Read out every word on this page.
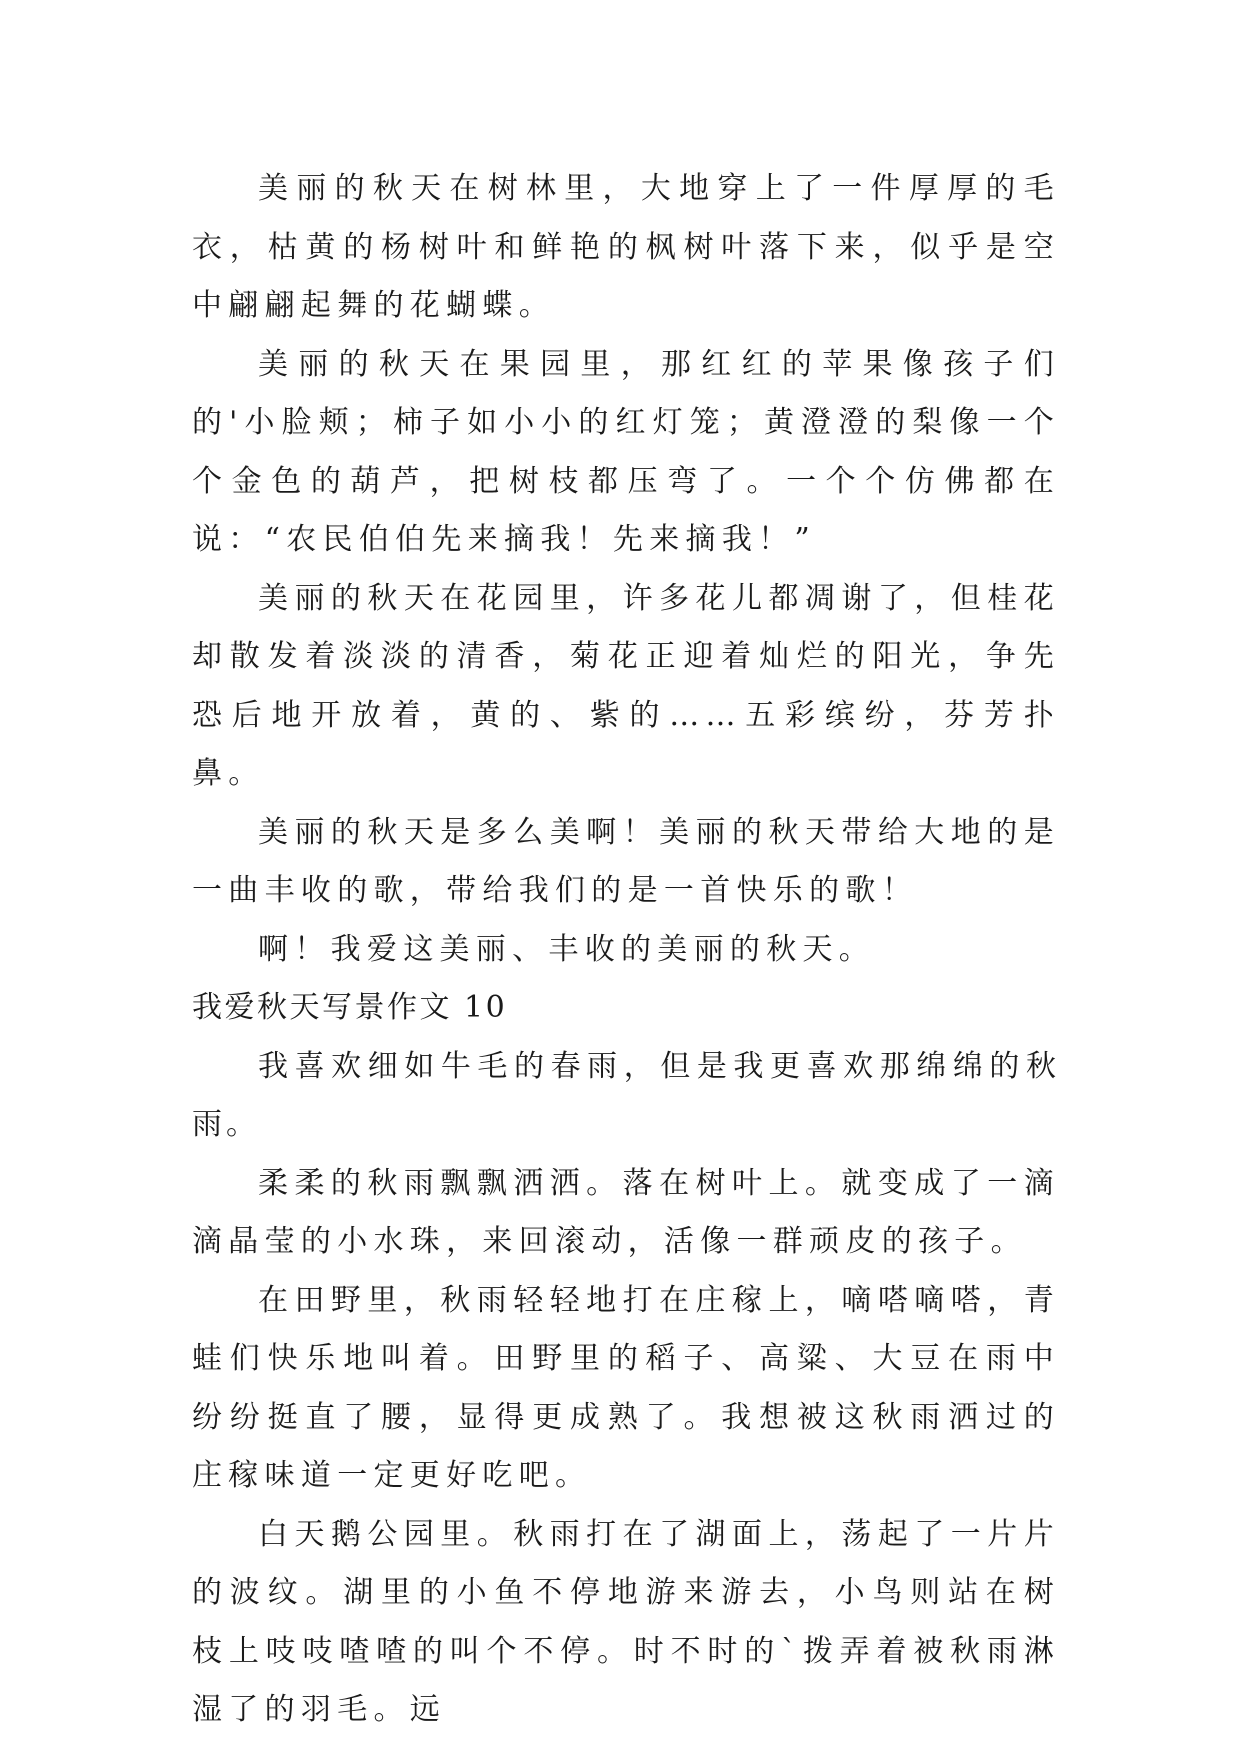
美丽的秋天在树林里，大地穿上了一件厚厚的毛衣，枯黄的杨树叶和鲜艳的枫树叶落下来，似乎是空中翩翩起舞的花蝴蝶。

美丽的秋天在果园里，那红红的苹果像孩子们的'小脸颊；柿子如小小的红灯笼；黄澄澄的梨像一个个金色的葫芦，把树枝都压弯了。一个个仿佛都在说：“农民伯伯先来摘我！先来摘我！”

美丽的秋天在花园里，许多花儿都凋谢了，但桂花却散发着淡淡的清香，菊花正迎着灿烂的阳光，争先恐后地开放着，黄的、紫的……五彩缤纷，芬芳扑鼻。

美丽的秋天是多么美啊！美丽的秋天带给大地的是一曲丰收的歌，带给我们的是一首快乐的歌！

啊！我爱这美丽、丰收的美丽的秋天。

我爱秋天写景作文 10

我喜欢细如牛毛的春雨，但是我更喜欢那绵绵的秋雨。

柔柔的秋雨飘飘洒洒。落在树叶上。就变成了一滴滴晶莹的小水珠，来回滚动，活像一群顽皮的孩子。

在田野里，秋雨轻轻地打在庄稼上，嘀嗒嘀嗒，青蛙们快乐地叫着。田野里的稻子、高粱、大豆在雨中纷纷挺直了腰，显得更成熟了。我想被这秋雨洒过的庄稼味道一定更好吃吧。

白天鹅公园里。秋雨打在了湖面上，荡起了一片片的波纹。湖里的小鱼不停地游来游去，小鸟则站在树枝上吱吱喳喳的叫个不停。时不时的`拨弄着被秋雨淋湿了的羽毛。远
